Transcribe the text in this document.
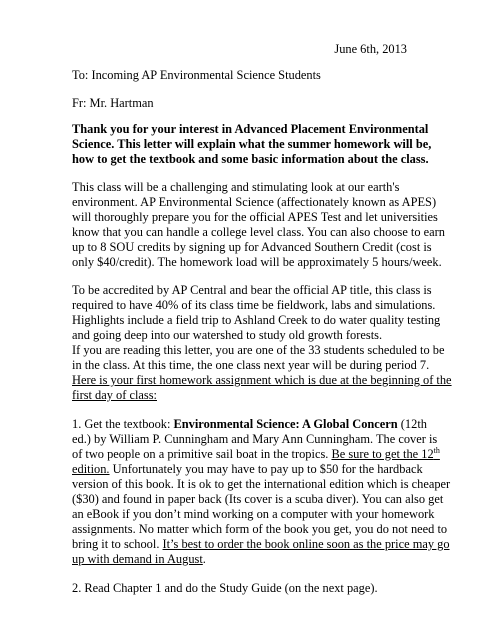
June 6th, 2013
To: Incoming AP Environmental Science Students
Fr: Mr. Hartman
Thank you for your interest in Advanced Placement Environmental
Science. This letter will explain what the summer homework will be,
how to get the textbook and some basic information about the class.
This class will be a challenging and stimulating look at our earth's
environment. AP Environmental Science (affectionately known as APES)
will thoroughly prepare you for the official APES Test and let universities
know that you can handle a college level class. You can also choose to earn
up to 8 SOU credits by signing up for Advanced Southern Credit (cost is
only $40/credit). The homework load will be approximately 5 hours/week.
To be accredited by AP Central and bear the official AP title, this class is
required to have 40% of its class time be fieldwork, labs and simulations.
Highlights include a field trip to Ashland Creek to do water quality testing
and going deep into our watershed to study old growth forests.
If you are reading this letter, you are one of the 33 students scheduled to be
in the class. At this time, the one class next year will be during period 7.
Here is your first homework assignment which is due at the beginning of the
first day of class:
1. Get the textbook: Environmental Science: A Global Concern (12th
ed.) by William P. Cunningham and Mary Ann Cunningham. The cover is
of two people on a primitive sail boat in the tropics. Be sure to get the 12th
edition. Unfortunately you may have to pay up to $50 for the hardback
version of this book. It is ok to get the international edition which is cheaper
($30) and found in paper back (Its cover is a scuba diver). You can also get
an eBook if you don’t mind working on a computer with your homework
assignments. No matter which form of the book you get, you do not need to
bring it to school. It’s best to order the book online soon as the price may go
up with demand in August.
2. Read Chapter 1 and do the Study Guide (on the next page).
